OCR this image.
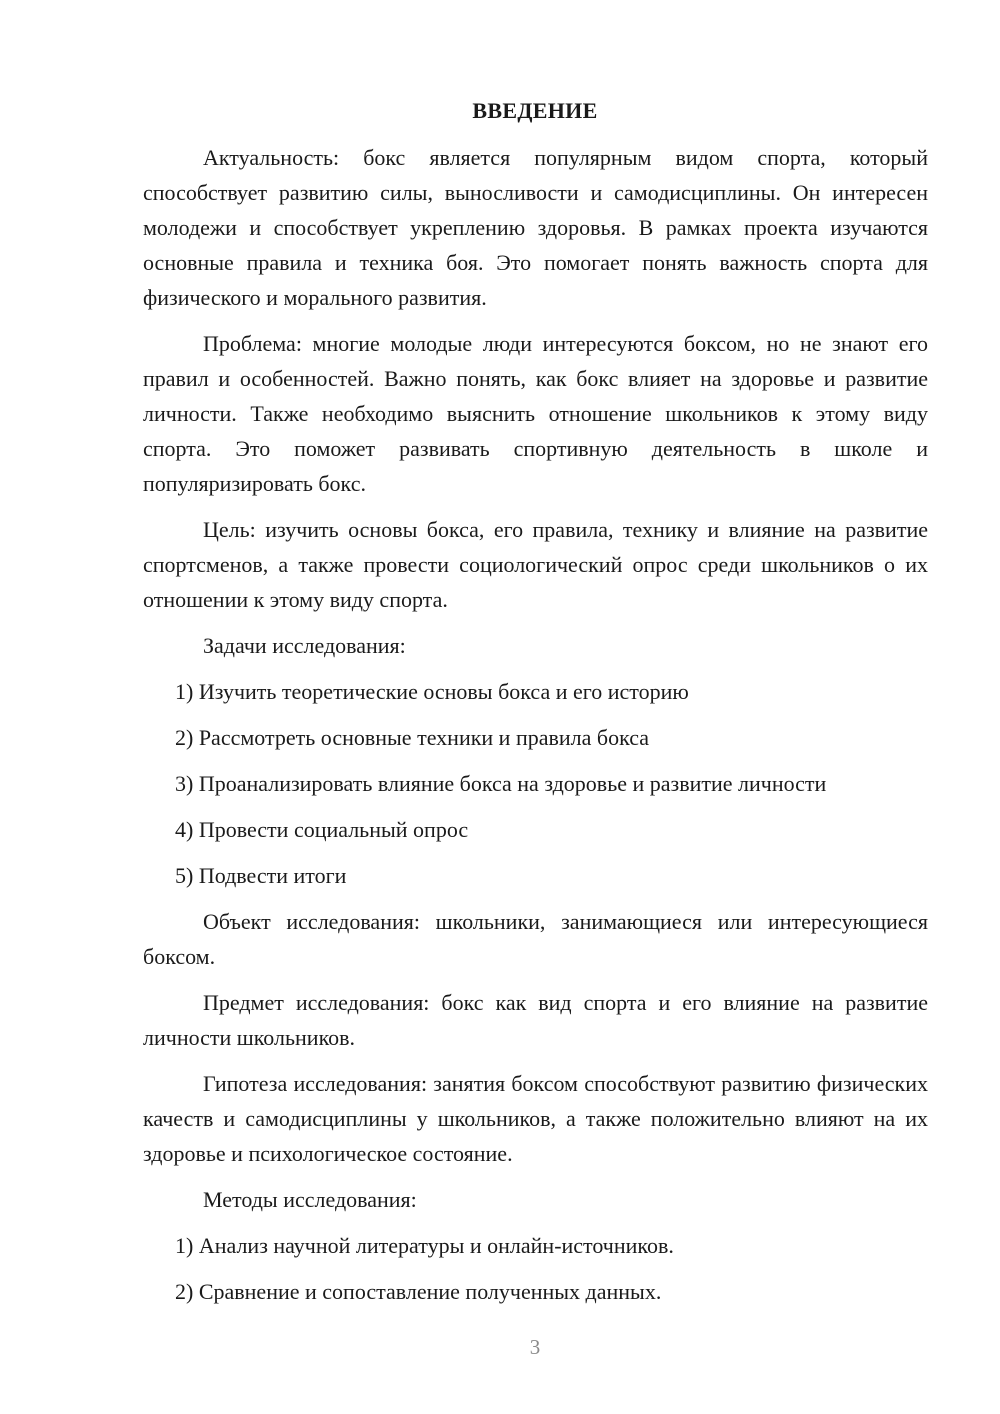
ВВЕДЕНИЕ

Актуальность: бокс является популярным видом спорта, который способствует развитию силы, выносливости и самодисциплины. Он интересен молодежи и способствует укреплению здоровья. В рамках проекта изучаются основные правила и техника боя. Это помогает понять важность спорта для физического и морального развития.

Проблема: многие молодые люди интересуются боксом, но не знают его правил и особенностей. Важно понять, как бокс влияет на здоровье и развитие личности. Также необходимо выяснить отношение школьников к этому виду спорта. Это поможет развивать спортивную деятельность в школе и популяризировать бокс.

Цель: изучить основы бокса, его правила, технику и влияние на развитие спортсменов, а также провести социологический опрос среди школьников о их отношении к этому виду спорта.

Задачи исследования:

1) Изучить теоретические основы бокса и его историю

2) Рассмотреть основные техники и правила бокса

3) Проанализировать влияние бокса на здоровье и развитие личности

4) Провести социальный опрос

5) Подвести итоги

Объект исследования: школьники, занимающиеся или интересующиеся боксом.

Предмет исследования: бокс как вид спорта и его влияние на развитие личности школьников.

Гипотеза исследования: занятия боксом способствуют развитию физических качеств и самодисциплины у школьников, а также положительно влияют на их здоровье и психологическое состояние.

Методы исследования:

1) Анализ научной литературы и онлайн-источников.

2) Сравнение и сопоставление полученных данных.

3
